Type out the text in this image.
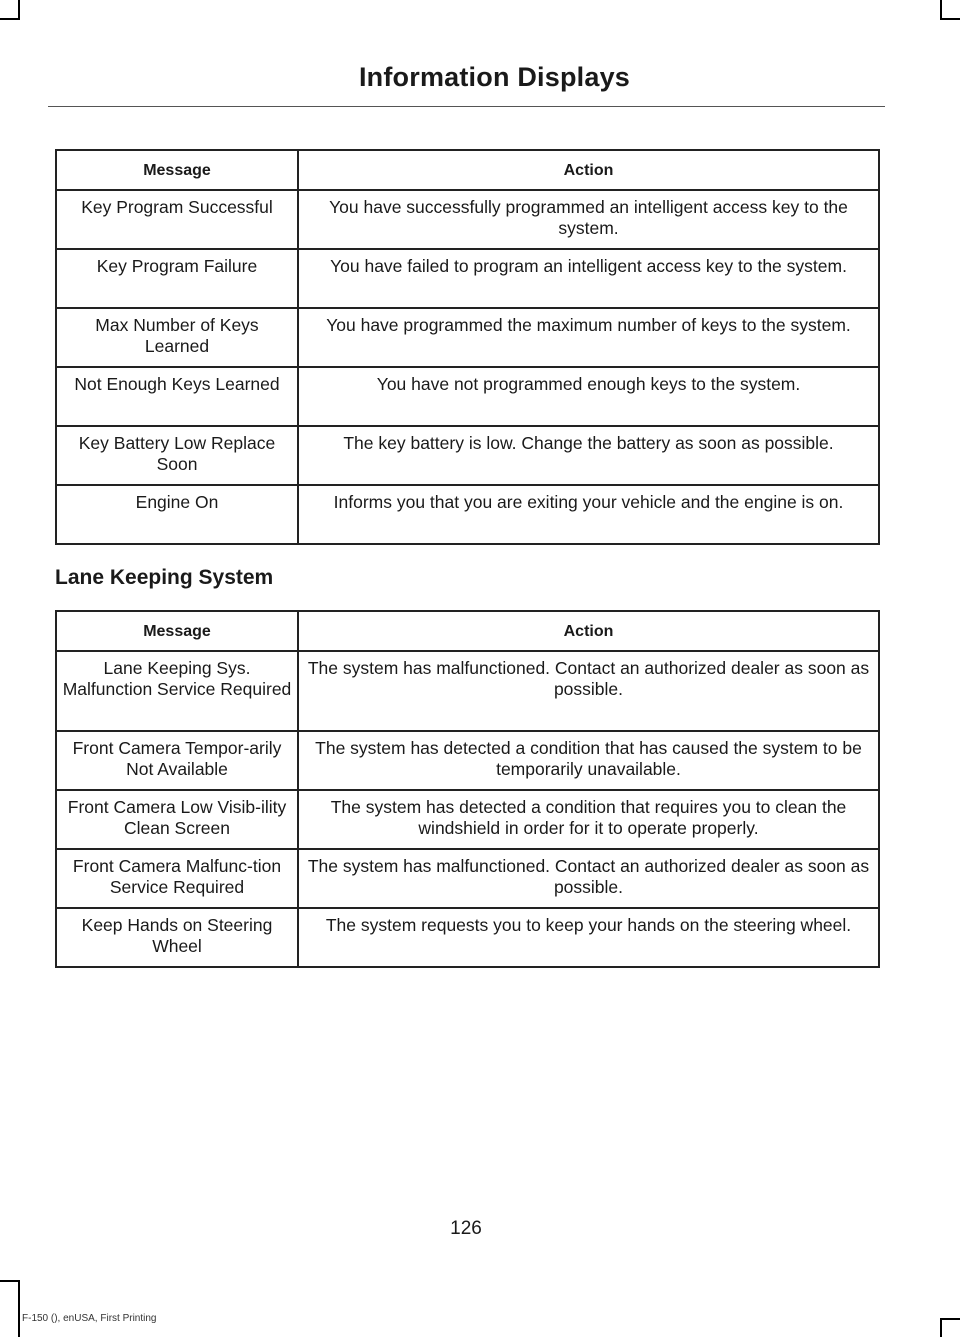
Information Displays
Message	Action
Key Program Successful	You have successfully programmed an intelligent access key to the system.
Key Program Failure	You have failed to program an intelligent access key to the system.
Max Number of Keys Learned	You have programmed the maximum number of keys to the system.
Not Enough Keys Learned	You have not programmed enough keys to the system.
Key Battery Low Replace Soon	The key battery is low. Change the battery as soon as possible.
Engine On	Informs you that you are exiting your vehicle and the engine is on.
Lane Keeping System
Message	Action
Lane Keeping Sys. Malfunction Service Required	The system has malfunctioned. Contact an authorized dealer as soon as possible.
Front Camera Tempor-arily Not Available	The system has detected a condition that has caused the system to be temporarily unavailable.
Front Camera Low Visib-ility Clean Screen	The system has detected a condition that requires you to clean the windshield in order for it to operate properly.
Front Camera Malfunc-tion Service Required	The system has malfunctioned. Contact an authorized dealer as soon as possible.
Keep Hands on Steering Wheel	The system requests you to keep your hands on the steering wheel.
126
F-150 (), enUSA, First Printing
